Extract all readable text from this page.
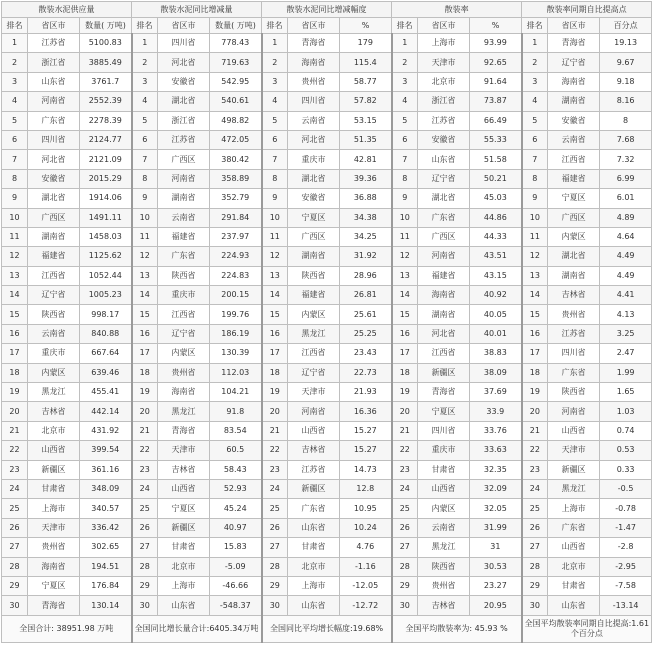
散装水泥供应量			散装水泥同比增减量			散装水泥同比增减幅度			散装率			散装率同期自比提高点		
排名	省区市	数量( 万吨)	排名	省区市	数量( 万吨)	排名	省区市	%	排名	省区市	%	排名	省区市	百分点
1	江苏省	5100.83	1	四川省	778.43	1	青海省	179	1	上海市	93.99	1	青海省	19.13
2	浙江省	3885.49	2	河北省	719.63	2	海南省	115.4	2	天津市	92.65	2	辽宁省	9.67
3	山东省	3761.7	3	安徽省	542.95	3	贵州省	58.77	3	北京市	91.64	3	海南省	9.18
4	河南省	2552.39	4	湖北省	540.61	4	四川省	57.82	4	浙江省	73.87	4	湖南省	8.16
5	广东省	2278.39	5	浙江省	498.82	5	云南省	53.15	5	江苏省	66.49	5	安徽省	8
6	四川省	2124.77	6	江苏省	472.05	6	河北省	51.35	6	安徽省	55.33	6	云南省	7.68
7	河北省	2121.09	7	广西区	380.42	7	重庆市	42.81	7	山东省	51.58	7	江西省	7.32
8	安徽省	2015.29	8	河南省	358.89	8	湖北省	39.36	8	辽宁省	50.21	8	福建省	6.99
9	湖北省	1914.06	9	湖南省	352.79	9	安徽省	36.88	9	湖北省	45.03	9	宁夏区	6.01
10	广西区	1491.11	10	云南省	291.84	10	宁夏区	34.38	10	广东省	44.86	10	广西区	4.89
11	湖南省	1458.03	11	福建省	237.97	11	广西区	34.25	11	广西区	44.33	11	内蒙区	4.64
12	福建省	1125.62	12	广东省	224.93	12	湖南省	31.92	12	河南省	43.51	12	湖北省	4.49
13	江西省	1052.44	13	陕西省	224.83	13	陕西省	28.96	13	福建省	43.15	13	湖南省	4.49
14	辽宁省	1005.23	14	重庆市	200.15	14	福建省	26.81	14	海南省	40.92	14	吉林省	4.41
15	陕西省	998.17	15	江西省	199.76	15	内蒙区	25.61	15	湖南省	40.05	15	贵州省	4.13
16	云南省	840.88	16	辽宁省	186.19	16	黑龙江	25.25	16	河北省	40.01	16	江苏省	3.25
17	重庆市	667.64	17	内蒙区	130.39	17	江西省	23.43	17	江西省	38.83	17	四川省	2.47
18	内蒙区	639.46	18	贵州省	112.03	18	辽宁省	22.73	18	新疆区	38.09	18	广东省	1.99
19	黑龙江	455.41	19	海南省	104.21	19	天津市	21.93	19	青海省	37.69	19	陕西省	1.65
20	吉林省	442.14	20	黑龙江	91.8	20	河南省	16.36	20	宁夏区	33.9	20	河南省	1.03
21	北京市	431.92	21	青海省	83.54	21	山西省	15.27	21	四川省	33.76	21	山西省	0.74
22	山西省	399.54	22	天津市	60.5	22	吉林省	15.27	22	重庆市	33.63	22	天津市	0.53
23	新疆区	361.16	23	吉林省	58.43	23	江苏省	14.73	23	甘肃省	32.35	23	新疆区	0.33
24	甘肃省	348.09	24	山西省	52.93	24	新疆区	12.8	24	山西省	32.09	24	黑龙江	-0.5
25	上海市	340.57	25	宁夏区	45.24	25	广东省	10.95	25	内蒙区	32.05	25	上海市	-0.78
26	天津市	336.42	26	新疆区	40.97	26	山东省	10.24	26	云南省	31.99	26	广东省	-1.47
27	贵州省	302.65	27	甘肃省	15.83	27	甘肃省	4.76	27	黑龙江	31	27	山西省	-2.8
28	海南省	194.51	28	北京市	-5.09	28	北京市	-1.16	28	陕西省	30.53	28	北京市	-2.95
29	宁夏区	176.84	29	上海市	-46.66	29	上海市	-12.05	29	贵州省	23.27	29	甘肃省	-7.58
30	青海省	130.14	30	山东省	-548.37	30	山东省	-12.72	30	吉林省	20.95	30	山东省	-13.14
全国合计: 38951.98 万吨			全国同比增长量合计:6405.34万吨			全国同比平均增长幅度:19.68%			全国平均散装率为: 45.93 %			全国平均散装率同期自比提高:1.61个百分点		
